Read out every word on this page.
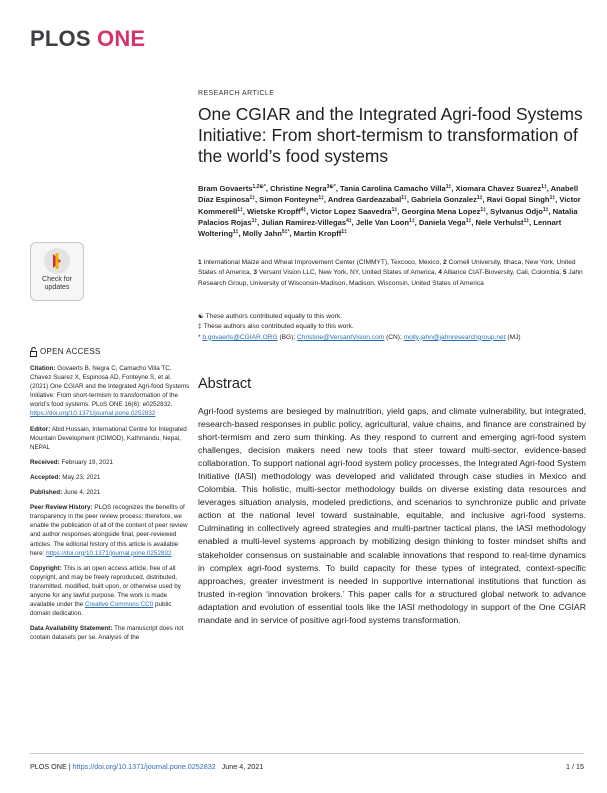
PLOS ONE
Check for
updates
RESEARCH ARTICLE
One CGIAR and the Integrated Agri-food Systems Initiative: From short-termism to transformation of the world’s food systems
Bram Govaerts$^{1,2☯*}$, Christine Negra$^{3☯*}$, Tania Carolina Camacho Villa$^{1\ddagger}$, Xiomara Chavez Suarez$^{1\ddagger}$, Anabell Diaz Espinosa$^{1\ddagger}$, Simon Fonteyne$^{1\ddagger}$, Andrea Gardeazabal$^{1\ddagger}$, Gabriela Gonzalez$^{1\ddagger}$, Ravi Gopal Singh$^{1\ddagger}$, Victor Kommerell$^{1\ddagger}$, Wietske Kropff$^{4\ddagger}$, Victor Lopez Saavedra$^{1\ddagger}$, Georgina Mena Lopez$^{1\ddagger}$, Sylvanus Odjo$^{1\ddagger}$, Natalia Palacios Rojas$^{1\ddagger}$, Julian Ramirez-Villegas$^{4\ddagger}$, Jelle Van Loon$^{1\ddagger}$, Daniela Vega$^{1\ddagger}$, Nele Verhulst$^{1\ddagger}$, Lennart Woltering$^{1\ddagger}$, Molly Jahn$^{5\ddagger*}$, Martin Kropff$^{1\ddagger}$
1 International Maize and Wheat Improvement Center (CIMMYT), Texcoco, Mexico, 2 Cornell University, Ithaca, New York, United States of America, 3 Versant Vision LLC, New York, NY, United States of America, 4 Alliance CIAT-Bioversity, Cali, Colombia, 5 Jahn Research Group, University of Wisconsin-Madison, Madison, Wisconsin, United States of America
☯ These authors contributed equally to this work.
‡ These authors also contributed equally to this work.
* b.govaerts@CGIAR.ORG (BG); Christine@VersantVision.com (CN); molly.jahn@jahnresearchgroup.net (MJ)
Abstract
Agri-food systems are besieged by malnutrition, yield gaps, and climate vulnerability, but integrated, research-based responses in public policy, agricultural, value chains, and finance are constrained by short-termism and zero sum thinking. As they respond to current and emerging agri-food system challenges, decision makers need new tools that steer toward multi-sector, evidence-based collaboration. To support national agri-food system policy processes, the Integrated Agri-food System Initiative (IASI) methodology was developed and validated through case studies in Mexico and Colombia. This holistic, multi-sector methodology builds on diverse existing data resources and leverages situation analysis, modeled predictions, and scenarios to synchronize public and private action at the national level toward sustainable, equitable, and inclusive agri-food systems. Culminating in collectively agreed strategies and multi-partner tactical plans, the IASI methodology enabled a multi-level systems approach by mobilizing design thinking to foster mindset shifts and stakeholder consensus on sustainable and scalable innovations that respond to real-time dynamics in complex agri-food systems. To build capacity for these types of integrated, context-specific approaches, greater investment is needed in supportive international institutions that function as trusted in-region ‘innovation brokers.’ This paper calls for a structured global network to advance adaptation and evolution of essential tools like the IASI methodology in support of the One CGIAR mandate and in service of positive agri-food systems transformation.
OPEN ACCESS

Citation: Govaerts B, Negra C, Camacho Villa TC, Chavez Suarez X, Espinosa AD, Fonteyne S, et al. (2021) One CGIAR and the Integrated Agri-food Systems Initiative: From short-termism to transformation of the world’s food systems. PLoS ONE 16(6): e0252832. https://doi.org/10.1371/journal.pone.0252832

Editor: Abid Hussain, International Centre for Integrated Mountain Development (ICIMOD), Kathmandu, Nepal, NEPAL

Received: February 19, 2021

Accepted: May 23, 2021

Published: June 4, 2021

Peer Review History: PLOS recognizes the benefits of transparency in the peer review process; therefore, we enable the publication of all of the content of peer review and author responses alongside final, peer-reviewed articles. The editorial history of this article is available here: https://doi.org/10.1371/journal.pone.0252832

Copyright: This is an open access article, free of all copyright, and may be freely reproduced, distributed, transmitted, modified, built upon, or otherwise used by anyone for any lawful purpose. The work is made available under the Creative Commons CC0 public domain dedication.

Data Availability Statement: The manuscript does not contain datasets per se. Analysis of the

PLOS ONE | https://doi.org/10.1371/journal.pone.0252832 June 4, 2021	1 / 15
